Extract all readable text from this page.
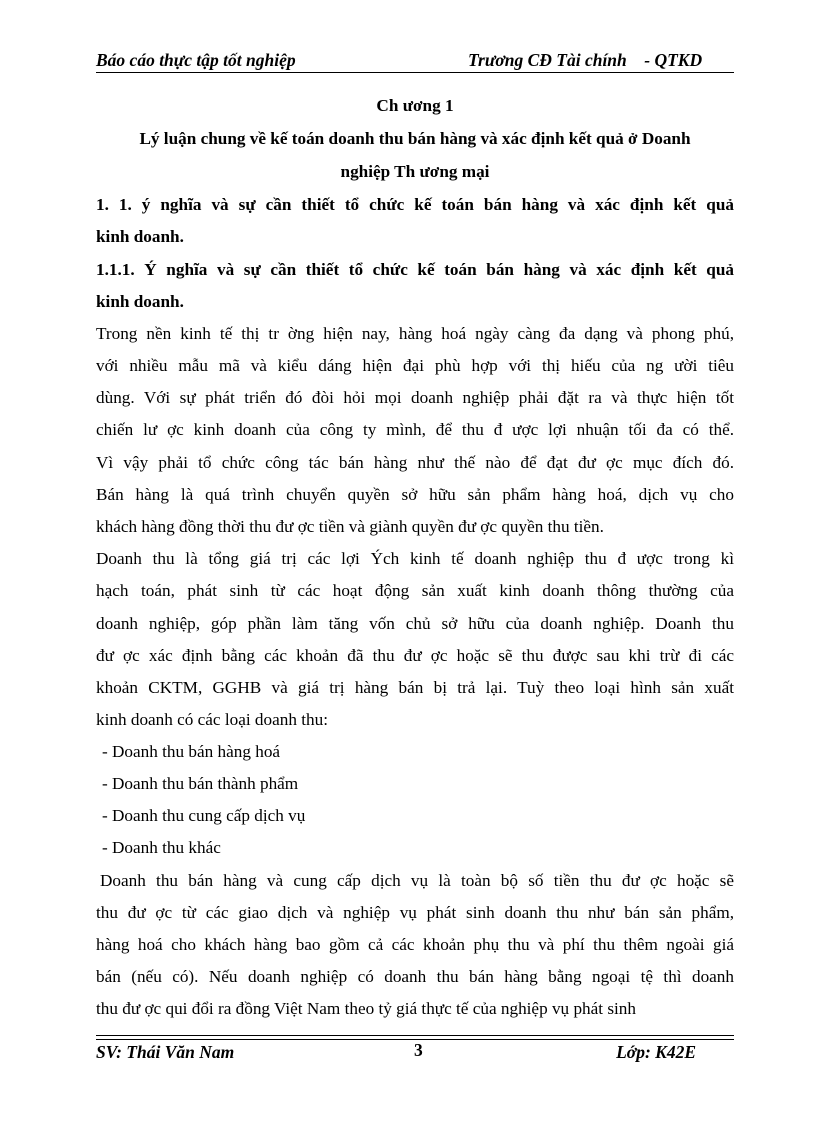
Báo cáo thực tập tốt nghiệp	Trương CĐ Tài chính    - QTKD
Ch ương 1
Lý luận chung về kế toán doanh thu bán hàng và xác định kết quả ở Doanh
nghiệp Th ương mại
1. 1. ý nghĩa và sự cần thiết tổ chức kế toán bán hàng và xác định kết quả
kinh doanh.
1.1.1. Ý nghĩa và sự cần thiết tổ chức kế toán bán hàng và xác định kết quả
kinh doanh.
Trong nền kinh tế thị tr ờng hiện nay, hàng hoá ngày càng đa dạng và phong phú,
với nhiều mẫu mã và kiểu dáng hiện đại phù hợp với thị hiếu của ng ười tiêu
dùng. Với sự phát triển đó đòi hỏi mọi doanh nghiệp phải đặt ra và thực hiện tốt
chiến lư ợc kinh doanh của công ty mình, để thu đ ược lợi nhuận tối đa có thể.
Vì vậy phải tổ chức công tác bán hàng như thế nào để đạt đư ợc mục đích đó.
Bán hàng là quá trình chuyển quyền sở hữu sản phẩm hàng hoá, dịch vụ cho
khách hàng đồng thời thu đư ợc tiền và giành quyền đư ợc quyền thu tiền.
Doanh thu là tổng giá trị các lợi Ých kinh tế doanh nghiệp thu đ ược trong kì
hạch toán, phát sinh từ các hoạt động sản xuất kinh doanh thông thường của
doanh nghiệp, góp phần làm tăng vốn chủ sở hữu của doanh nghiệp. Doanh thu
đư ợc xác định bằng các khoản đã thu đư ợc hoặc sẽ thu được sau khi trừ đi các
khoản CKTM, GGHB và giá trị hàng bán bị trả lại. Tuỳ theo loại hình sản xuất
kinh doanh có các loại doanh thu:
- Doanh thu bán hàng hoá
- Doanh thu bán thành phẩm
- Doanh thu cung cấp dịch vụ
- Doanh thu khác
Doanh thu bán hàng và cung cấp dịch vụ là toàn bộ số tiền thu đư ợc hoặc sẽ
thu đư ợc từ các giao dịch và nghiệp vụ phát sinh doanh thu như bán sản phẩm,
hàng hoá cho khách hàng bao gồm cả các khoản phụ thu và phí thu thêm ngoài giá
bán (nếu có). Nếu doanh nghiệp có doanh thu bán hàng bằng ngoại tệ thì doanh
thu đư ợc qui đổi ra đồng Việt Nam theo tỷ giá thực tế của nghiệp vụ phát sinh
SV: Thái Văn Nam	3	Lớp: K42E
